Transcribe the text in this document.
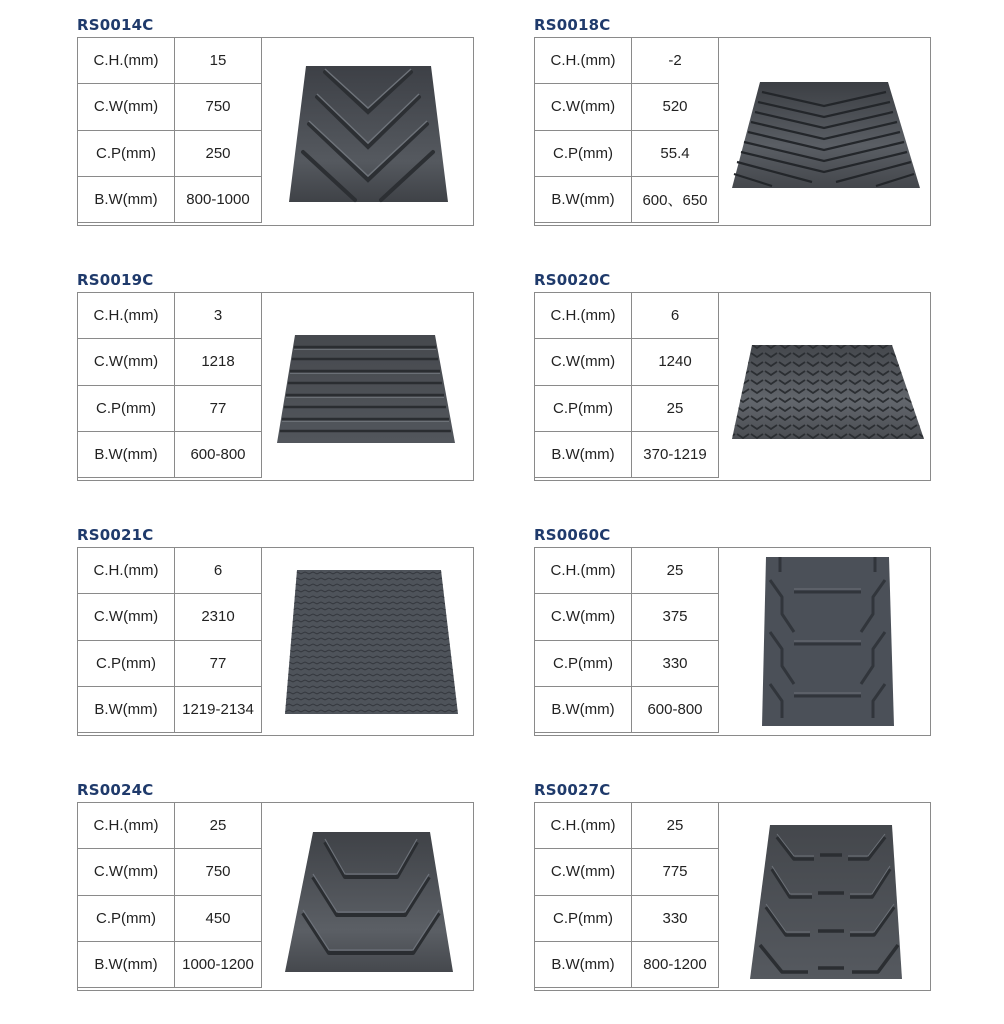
RS0014C
C.H.(mm)	15
C.W(mm)	750
C.P(mm)	250
B.W(mm)	800-1000
RS0018C
C.H.(mm)	-2
C.W(mm)	520
C.P(mm)	55.4
B.W(mm)	600、650
RS0019C
C.H.(mm)	3
C.W(mm)	1218
C.P(mm)	77
B.W(mm)	600-800
RS0020C
C.H.(mm)	6
C.W(mm)	1240
C.P(mm)	25
B.W(mm)	370-1219
RS0021C
C.H.(mm)	6
C.W(mm)	2310
C.P(mm)	77
B.W(mm)	1219-2134
RS0060C
C.H.(mm)	25
C.W(mm)	375
C.P(mm)	330
B.W(mm)	600-800
RS0024C
C.H.(mm)	25
C.W(mm)	750
C.P(mm)	450
B.W(mm)	1000-1200
RS0027C
C.H.(mm)	25
C.W(mm)	775
C.P(mm)	330
B.W(mm)	800-1200
